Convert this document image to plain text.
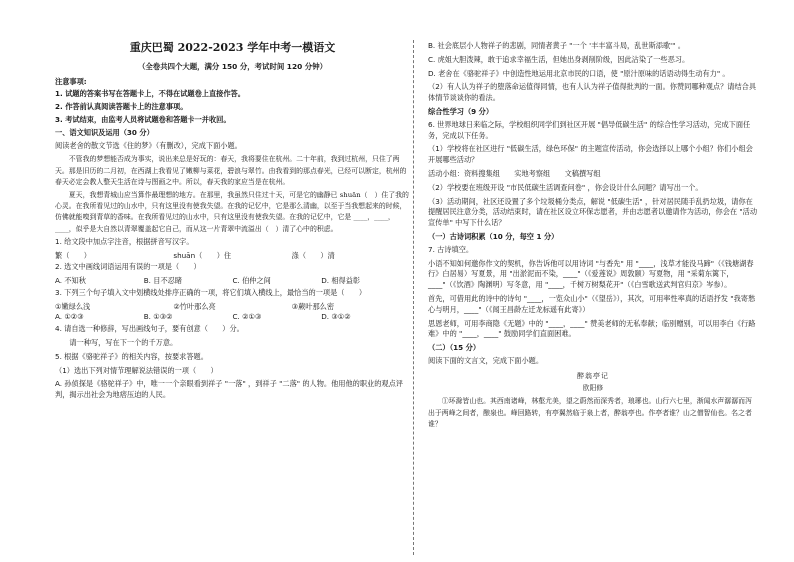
重庆巴蜀 2022-2023 学年中考一模语文
（全卷共四个大题，满分 150 分，考试时间 120 分钟）
注意事项:
1. 试题的答案书写在答题卡上，不得在试题卷上直接作答。
2. 作答前认真阅读答题卡上的注意事项。
3. 考试结束，由监考人员将试题卷和答题卡一并收回。
一、语文知识及运用（30 分）
阅读老舍的散文节选《住的梦》（有删改），完成下面小题。
不管我的梦想能否成为事实，说出来总是好玩的：春天，我将要住在杭州。二十年前，我到过杭州，只住了两天。那是旧历的二月初，在西湖上我看见了嫩柳与菜花，碧浪与翠竹。由我看到的那点春光，已经可以断定，杭州的春天必定会教人整天生活在诗与图画之中。所以，春天我的家应当是在杭州。
夏天，我想青城山应当算作最理想的地方。在那里，我虽然只住过十天，可是它的幽静已 shuān（　）住了我的心灵。在我所看见过的山水中，只有这里没有使我失望。在我的记忆中，它是那么清幽，以至于当我想起来的时候，仿佛就能嗅到青草的香味。在我所看见过的山水中，只有这里没有使我失望。在我的记忆中，它是 ____，____，____，似乎是大自然以青翠覆盖起它自己，而从这一片青翠中流溢出（　）清了心中的积虑。
1. 给文段中加点字注音，根据拼音写汉字。
繁（　　）	shuān（　　）住	涤（　　）清
2. 选文中画线词语运用有误的一项是（　　）
A. 不知秋	B. 目不忍睹	C. 伯仲之间	D. 相得益彰
3. 下列三个句子填入文中划横线处排序正确的一项，将它们填入横线上，最恰当的一项是（　　）
①嫩绿么浅	②竹叶那么亮	③蕨叶那么密
A. ①②③	B. ①③②	C. ②①③	D. ③①②
4. 请自选一种修辞，写出画线句子，要有创意（　　）分。
请一种写，写在下一个的千万意。
5. 根据《骆驼祥子》的相关内容，按要求答题。
（1）选出下列对情节理解说法错误的一项（　　）
A. 孙侦探是《骆驼祥子》中，唯一一个亲眼看到祥子 "一落" ，到祥子 "二落" 的人物。他用他的职业的观点评判，揭示出社会为地痞压迫的人民。
B. 社会底层小人物祥子的悲剧，同情者黄子 "一个 '丰丰富斗局，乱世斯添歌'" 。
C. 虎姐大胆泼辣，敢于追求幸福生活，但她出身剥削阶级，因此沾染了一些恶习。
D. 老舍在《骆驼祥子》中创造性地运用北京市民的口语，使 "原汁原味的话语动得生动有力" 。
（2）有人认为祥子的堕落命运值得同情，也有人认为祥子值得批判的一面。你赞同哪种观点？请结合具体情节谈谈你的看法。
综合性学习（9 分）
6. 世界地球日来临之际，学校组织同学们到社区开展 "倡导低碳生活" 的综合性学习活动，完成下面任务，完成以下任务。
（1）学校将在社区进行 "低碳生活，绿色环保" 的主题宣传活动，你会选择以上哪个小组？你们小组会开展哪些活动？
活动小组：资料搜集组　　实地考察组　　文稿撰写组
（2）学校要在班级开设 "市民低碳生活调查问卷" ，你会设计什么问题？请写出一个。
（3）活动期间，社区还设置了多个垃圾桶分类点，解说 "低碳生活" ，针对居民随手乱扔垃圾，请你在提醒居民注意分类，活动结束时，请在社区设立环保志愿者，并由志愿者以邀请作为活动，你会在 "活动宣传单" 中写下什么话？
（一）古诗词积累（10 分，每空 1 分）
7. 古诗填空。
小语不知如何邀你作文的契机，你告诉他可以用诗词 "与香先" 用 "____，浅草才能没马蹄"（《钱塘湖春行》白居易）写夏景，用 "出淤泥而不染，____"（《爱莲说》周敦颐）写夏物，用 "采菊东篱下，____"（《饮酒》陶渊明）写冬意，用 "____，千树万树梨花开"（《白雪歌送武判官归京》岑参）。
首先，可借用此的诗中的诗句 "____，一览众山小"（《望岳》），其次，可用率性率真的话语抒发 "我寄愁心与明月，____"（《闻王昌龄左迁龙标遥有此寄》）
思恩老师，可用李商隐《无题》中的 "____，____" 赞美老师的无私奉献；临别赠别，可以用李白《行路难》中的 "____，____" 鼓励同学们直面困难。
（二）（15 分）
阅读下面的文言文，完成下面小题。
醉翁亭记
欧阳修
①环滁皆山也。其西南诸峰，林壑尤美，望之蔚然而深秀者，琅琊也。山行六七里，渐闻水声潺潺而泻出于两峰之间者，酿泉也。峰回路转，有亭翼然临于泉上者，醉翁亭也。作亭者谁？山之僧智仙也。名之者谁？
